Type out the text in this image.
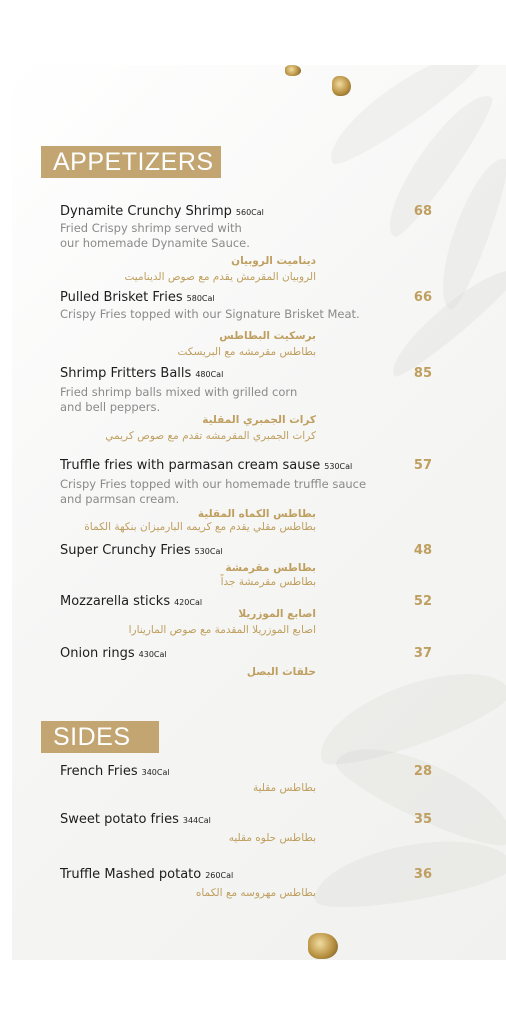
APPETIZERS
Dynamite Crunchy Shrimp 560Cal	68
Fried Crispy shrimp served with
our homemade Dynamite Sauce.
ديناميت الروبيان
الروبيان المقرمش يقدم مع صوص الديناميت
Pulled Brisket Fries 580Cal	66
Crispy Fries topped with our Signature Brisket Meat.
برسكيت البطاطس
بطاطس مقرمشه مع البريسكت
Shrimp Fritters Balls 480Cal	85
Fried shrimp balls mixed with grilled corn
and bell peppers.
كرات الجمبري المقلية
كرات الجمبري المقرمشه تقدم مع صوص كريمي
Truffle fries with parmasan cream sause 530Cal	57
Crispy Fries topped with our homemade truffle sauce
and parmsan cream.
بطاطس الكماه المقلية
بطاطس مقلي يقدم مع كريمه البارميزان بنكهة الكماة
Super Crunchy Fries 530Cal	48
بطاطس مقرمشة
بطاطس مقرمشة جداً
Mozzarella sticks 420Cal	52
اصابع الموزريلا
اصابع الموزريلا المقدمة مع صوص المارينارا
Onion rings 430Cal	37
حلقات البصل
SIDES
French Fries 340Cal	28
بطاطس مقلية
Sweet potato fries 344Cal	35
بطاطس حلوه مقليه
Truffle Mashed potato 260Cal	36
بطاطس مهروسه مع الكماه
